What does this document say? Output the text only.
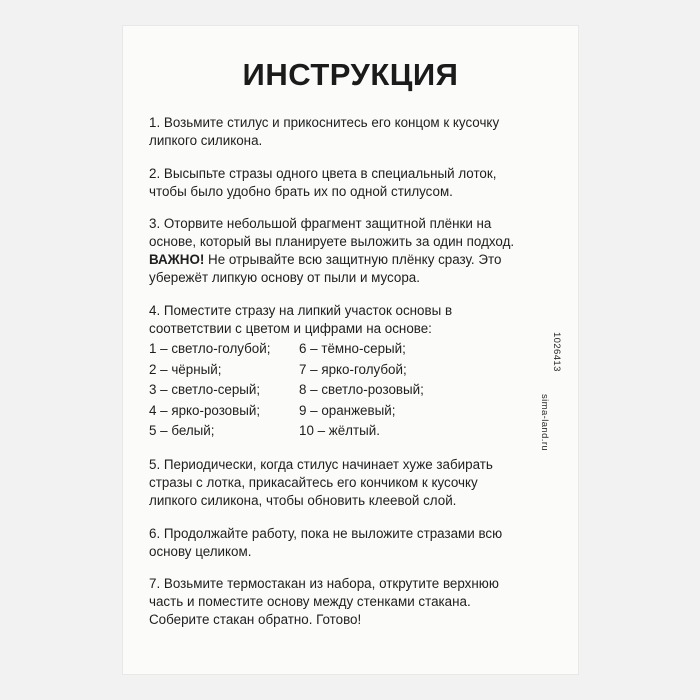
ИНСТРУКЦИЯ

1. Возьмите стилус и прикоснитесь его концом к кусочку липкого силикона.

2. Высыпьте стразы одного цвета в специальный лоток, чтобы было удобно брать их по одной стилусом.

3. Оторвите небольшой фрагмент защитной плёнки на основе, который вы планируете выложить за один подход.

ВАЖНО! Не отрывайте всю защитную плёнку сразу. Это убережёт липкую основу от пыли и мусора.

4. Поместите стразу на липкий участок основы в соответствии с цветом и цифрами на основе:

1 – светло-голубой;
2 – чёрный;
3 – светло-серый;
4 – ярко-розовый;
5 – белый;
6 – тёмно-серый;
7 – ярко-голубой;
8 – светло-розовый;
9 – оранжевый;
10 – жёлтый.

5. Периодически, когда стилус начинает хуже забирать стразы с лотка, прикасайтесь его кончиком к кусочку липкого силикона, чтобы обновить клеевой слой.

6. Продолжайте работу, пока не выложите стразами всю основу целиком.

7. Возьмите термостакан из набора, открутите верхнюю часть и поместите основу между стенками стакана. Соберите стакан обратно. Готово!

1026413
sima-land.ru
